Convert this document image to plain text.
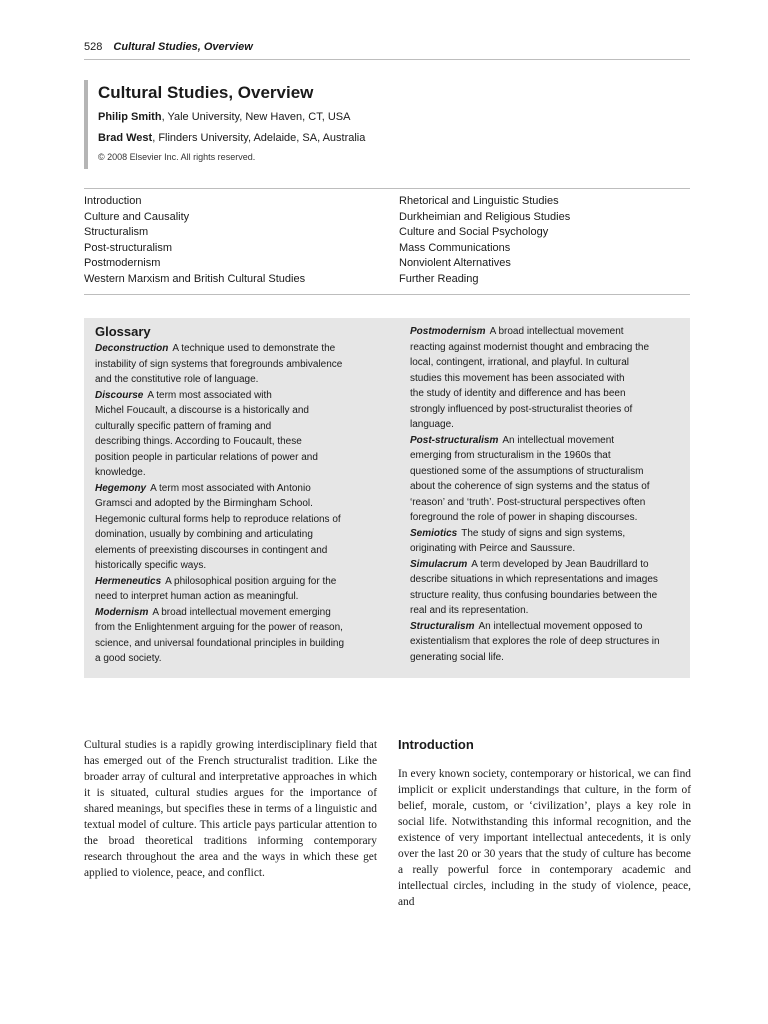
528 Cultural Studies, Overview
Cultural Studies, Overview
Philip Smith, Yale University, New Haven, CT, USA
Brad West, Flinders University, Adelaide, SA, Australia
© 2008 Elsevier Inc. All rights reserved.
Introduction
Culture and Causality
Structuralism
Post-structuralism
Postmodernism
Western Marxism and British Cultural Studies
Rhetorical and Linguistic Studies
Durkheimian and Religious Studies
Culture and Social Psychology
Mass Communications
Nonviolent Alternatives
Further Reading
Glossary
Deconstruction A technique used to demonstrate the
instability of sign systems that foregrounds ambivalence
and the constitutive role of language.
Discourse A term most associated with
Michel Foucault, a discourse is a historically and
culturally specific pattern of framing and
describing things. According to Foucault, these
position people in particular relations of power and
knowledge.
Hegemony A term most associated with Antonio
Gramsci and adopted by the Birmingham School.
Hegemonic cultural forms help to reproduce relations of
domination, usually by combining and articulating
elements of preexisting discourses in contingent and
historically specific ways.
Hermeneutics A philosophical position arguing for the
need to interpret human action as meaningful.
Modernism A broad intellectual movement emerging
from the Enlightenment arguing for the power of reason,
science, and universal foundational principles in building
a good society.
Postmodernism A broad intellectual movement
reacting against modernist thought and embracing the
local, contingent, irrational, and playful. In cultural
studies this movement has been associated with
the study of identity and difference and has been
strongly influenced by post-structuralist theories of
language.
Post-structuralism An intellectual movement
emerging from structuralism in the 1960s that
questioned some of the assumptions of structuralism
about the coherence of sign systems and the status of
‘reason’ and ‘truth’. Post-structural perspectives often
foreground the role of power in shaping discourses.
Semiotics The study of signs and sign systems,
originating with Peirce and Saussure.
Simulacrum A term developed by Jean Baudrillard to
describe situations in which representations and images
structure reality, thus confusing boundaries between the
real and its representation.
Structuralism An intellectual movement opposed to
existentialism that explores the role of deep structures in
generating social life.
Cultural studies is a rapidly growing interdisciplinary field that has emerged out of the French structuralist tradition. Like the broader array of cultural and interpretative approaches in which it is situated, cultural studies argues for the importance of shared meanings, but specifies these in terms of a linguistic and textual model of culture. This article pays particular attention to the broad theoretical traditions informing contemporary research throughout the area and the ways in which these get applied to violence, peace, and conflict.
Introduction
In every known society, contemporary or historical, we can find implicit or explicit understandings that culture, in the form of belief, morale, custom, or ‘civilization’, plays a key role in social life. Notwithstanding this informal recognition, and the existence of very important intellectual antecedents, it is only over the last 20 or 30 years that the study of culture has become a really powerful force in contemporary academic and intellectual circles, including in the study of violence, peace, and
